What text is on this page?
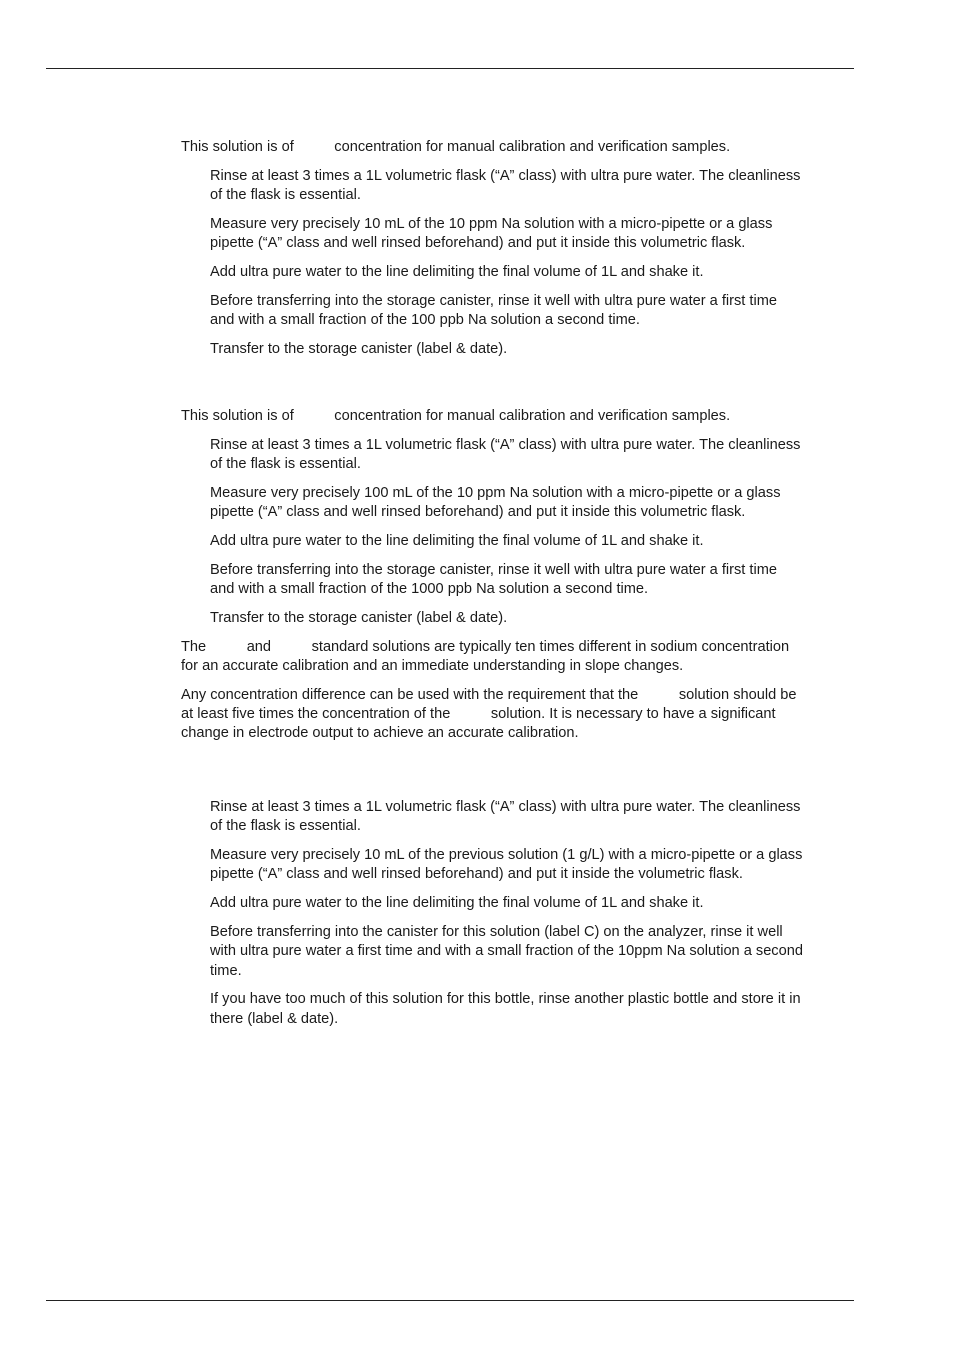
This solution is of          concentration for manual calibration and verification samples.

Rinse at least 3 times a 1L volumetric flask (“A” class) with ultra pure water. The cleanliness

of the flask is essential.

Measure very precisely 10 mL of the 10 ppm Na solution with a micro-pipette or a glass

pipette (“A” class and well rinsed beforehand) and put it inside this volumetric flask.

Add ultra pure water to the line delimiting the final volume of 1L and shake it.

Before transferring into the storage canister, rinse it well with ultra pure water a first time

and with a small fraction of the 100 ppb Na solution a second time.

Transfer to the storage canister (label & date).

This solution is of          concentration for manual calibration and verification samples.

Rinse at least 3 times a 1L volumetric flask (“A” class) with ultra pure water. The cleanliness

of the flask is essential.

Measure very precisely 100 mL of the 10 ppm Na solution with a micro-pipette or a glass

pipette (“A” class and well rinsed beforehand) and put it inside this volumetric flask.

Add ultra pure water to the line delimiting the final volume of 1L and shake it.

Before transferring into the storage canister, rinse it well with ultra pure water a first time

and with a small fraction of the 1000 ppb Na solution a second time.

Transfer to the storage canister (label & date).

The          and          standard solutions are typically ten times different in sodium concentration

for an accurate calibration and an immediate understanding in slope changes.

Any concentration difference can be used with the requirement that the          solution should be

at least five times the concentration of the          solution. It is necessary to have a significant

change in electrode output to achieve an accurate calibration.

Rinse at least 3 times a 1L volumetric flask (“A” class) with ultra pure water. The cleanliness

of the flask is essential.

Measure very precisely 10 mL of the previous solution (1 g/L) with a micro-pipette or a glass

pipette (“A” class and well rinsed beforehand) and put it inside the volumetric flask.

Add ultra pure water to the line delimiting the final volume of 1L and shake it.

Before transferring into the canister for this solution (label C) on the analyzer, rinse it well

with ultra pure water a first time and with a small fraction of the 10ppm Na solution a second

time.

If you have too much of this solution for this bottle, rinse another plastic bottle and store it in

there (label & date).
